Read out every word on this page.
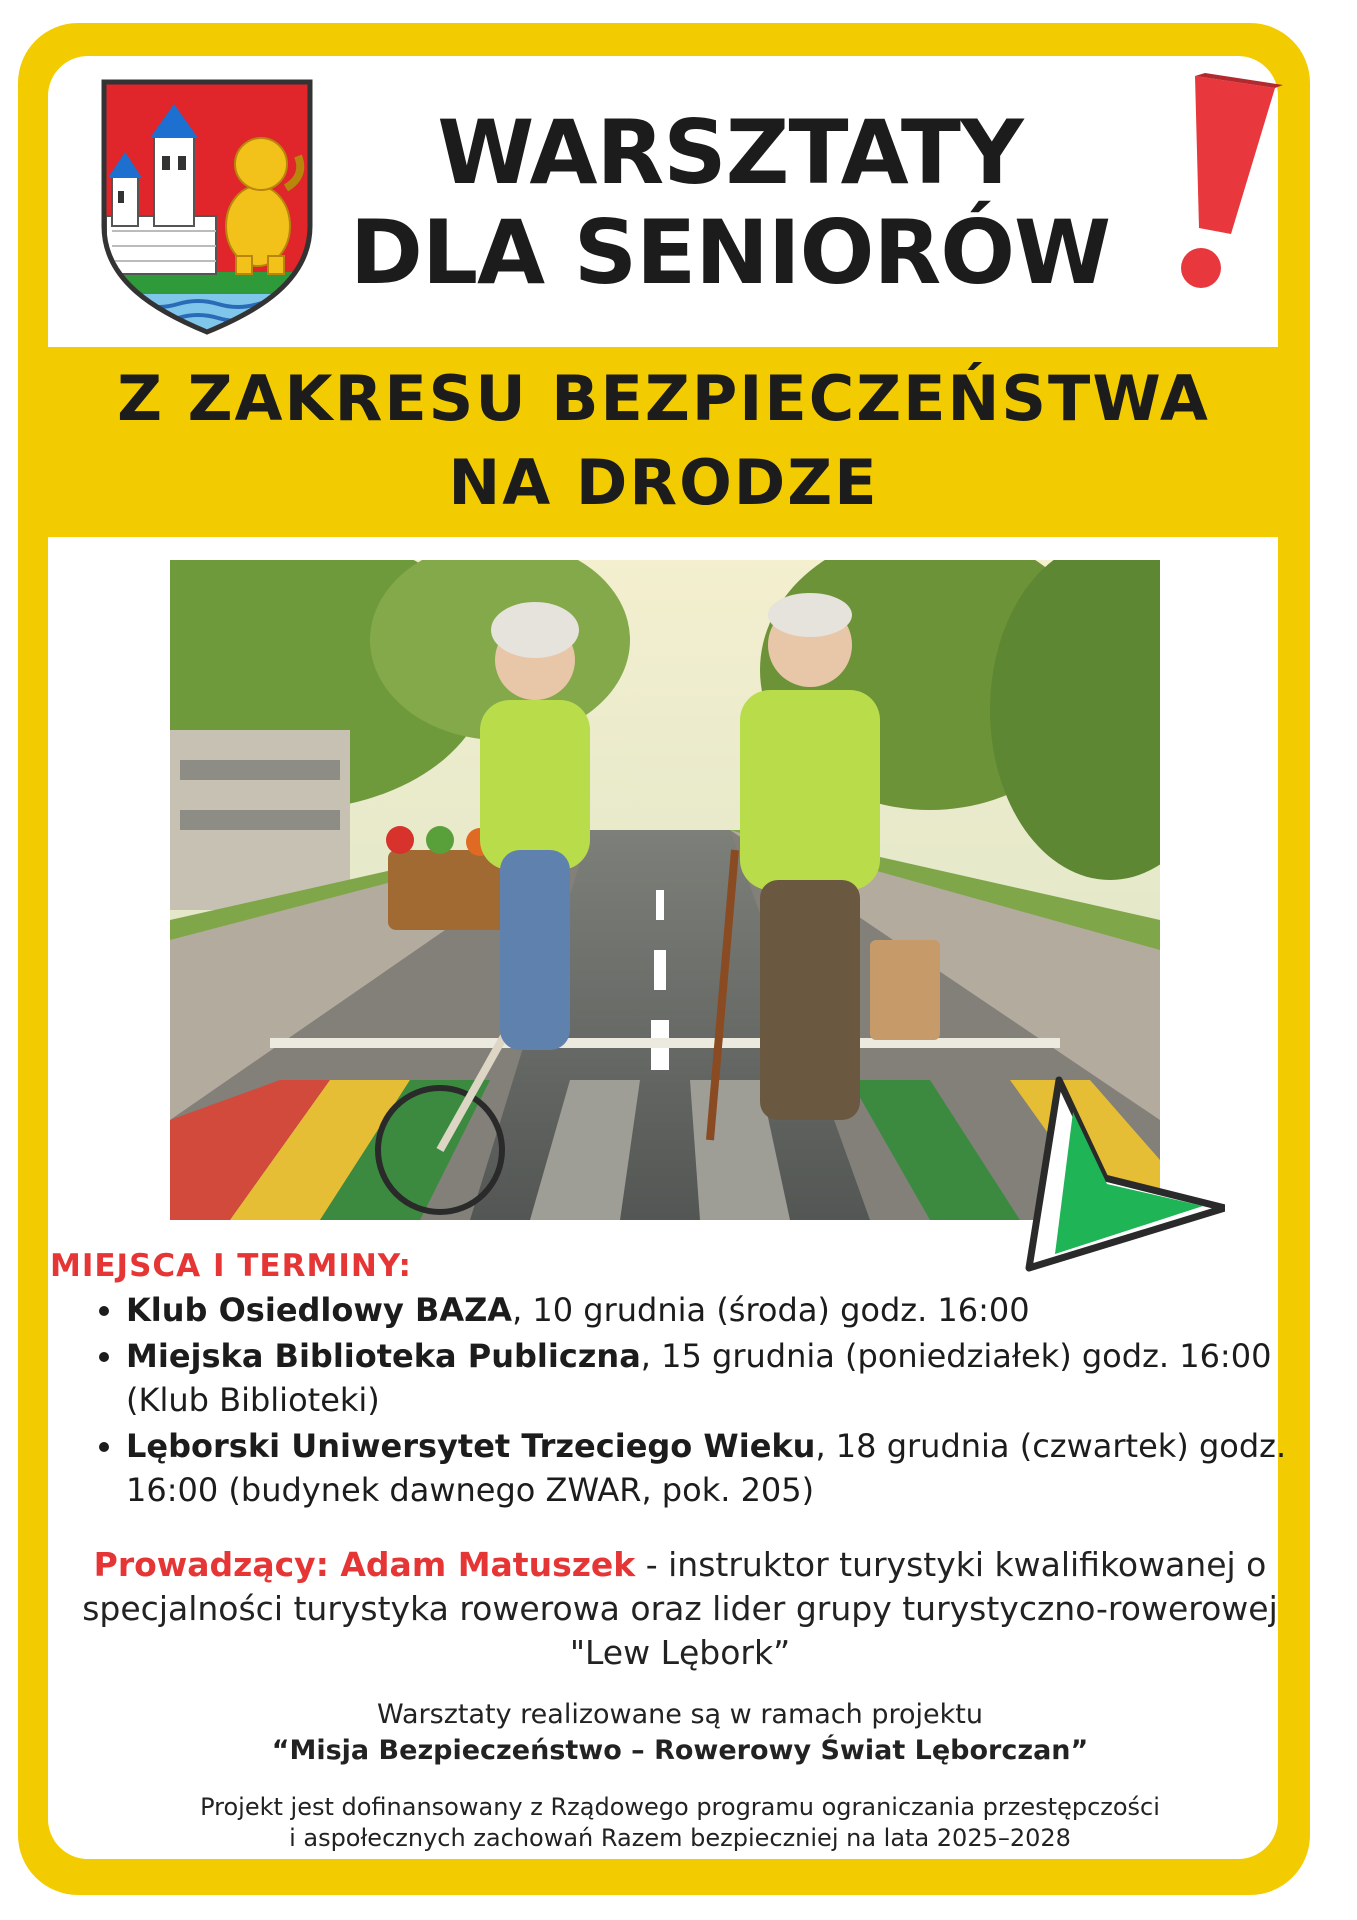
WARSZTATY
DLA SENIORÓW
Z ZAKRESU BEZPIECZEŃSTWA
NA DRODZE
MIEJSCA I TERMINY:
• Klub Osiedlowy BAZA, 10 grudnia (środa) godz. 16:00
• Miejska Biblioteka Publiczna, 15 grudnia (poniedziałek) godz. 16:00 (Klub Biblioteki)
• Lęborski Uniwersytet Trzeciego Wieku, 18 grudnia (czwartek) godz. 16:00 (budynek dawnego ZWAR, pok. 205)

Prowadzący: Adam Matuszek - instruktor turystyki kwalifikowanej o specjalności turystyka rowerowa oraz lider grupy turystyczno-rowerowej "Lew Lębork”

Warsztaty realizowane są w ramach projektu
“Misja Bezpieczeństwo – Rowerowy Świat Lęborczan”

Projekt jest dofinansowany z Rządowego programu ograniczania przestępczości
i aspołecznych zachowań Razem bezpieczniej na lata 2025–2028
